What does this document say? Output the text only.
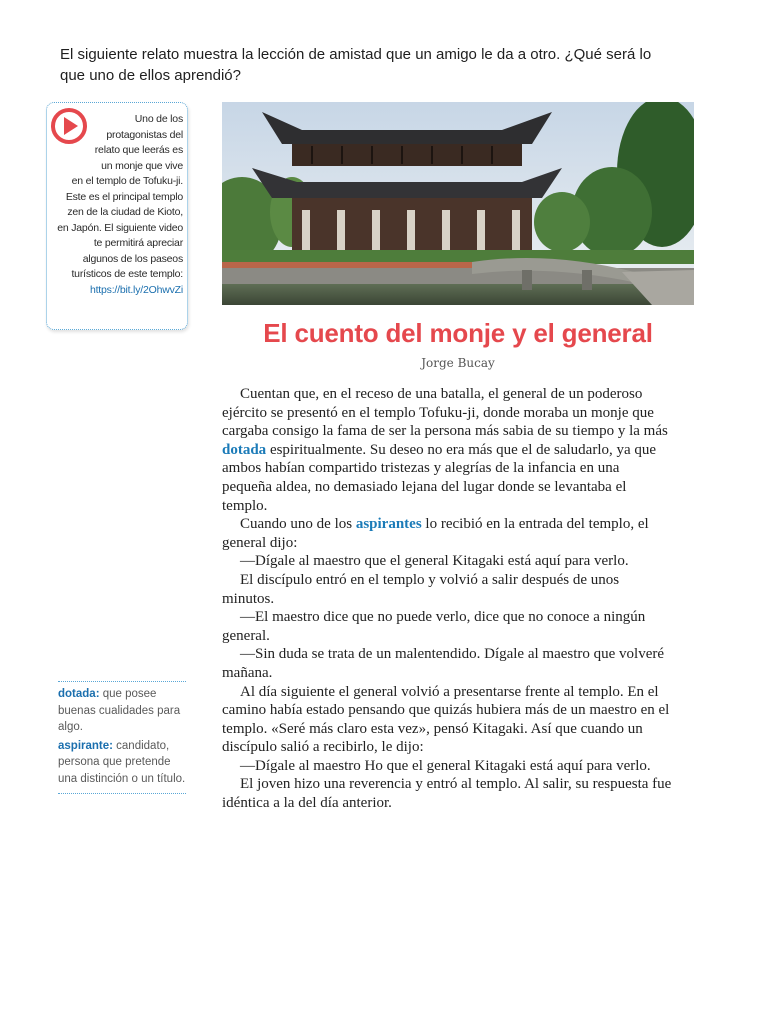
El siguiente relato muestra la lección de amistad que un amigo le da a otro. ¿Qué será lo que uno de ellos aprendió?
Uno de los protagonistas del relato que leerás es un monje que vive en el templo de Tofuku-ji. Este es el principal templo zen de la ciudad de Kioto, en Japón. El siguiente video te permitirá apreciar algunos de los paseos turísticos de este templo: https://bit.ly/2OhwvZi
El cuento del monje y el general
Jorge Bucay

Cuentan que, en el receso de una batalla, el general de un poderoso ejército se presentó en el templo Tofuku-ji, donde moraba un monje que cargaba consigo la fama de ser la persona más sabia de su tiempo y la más dotada espiritualmente. Su deseo no era más que el de saludarlo, ya que ambos habían compartido tristezas y alegrías de la infancia en una pequeña aldea, no demasiado lejana del lugar donde se levantaba el templo.

Cuando uno de los aspirantes lo recibió en la entrada del templo, el general dijo:

—Dígale al maestro que el general Kitagaki está aquí para verlo.

El discípulo entró en el templo y volvió a salir después de unos minutos.

—El maestro dice que no puede verlo, dice que no conoce a ningún general.

—Sin duda se trata de un malentendido. Dígale al maestro que volveré mañana.

Al día siguiente el general volvió a presentarse frente al templo. En el camino había estado pensando que quizás hubiera más de un maestro en el templo. «Seré más claro esta vez», pensó Kitagaki. Así que cuando un discípulo salió a recibirlo, le dijo:

—Dígale al maestro Ho que el general Kitagaki está aquí para verlo.

El joven hizo una reverencia y entró al templo. Al salir, su respuesta fue idéntica a la del día anterior.

dotada: que posee buenas cualidades para algo.
aspirante: candidato, persona que pretende una distinción o un título.
